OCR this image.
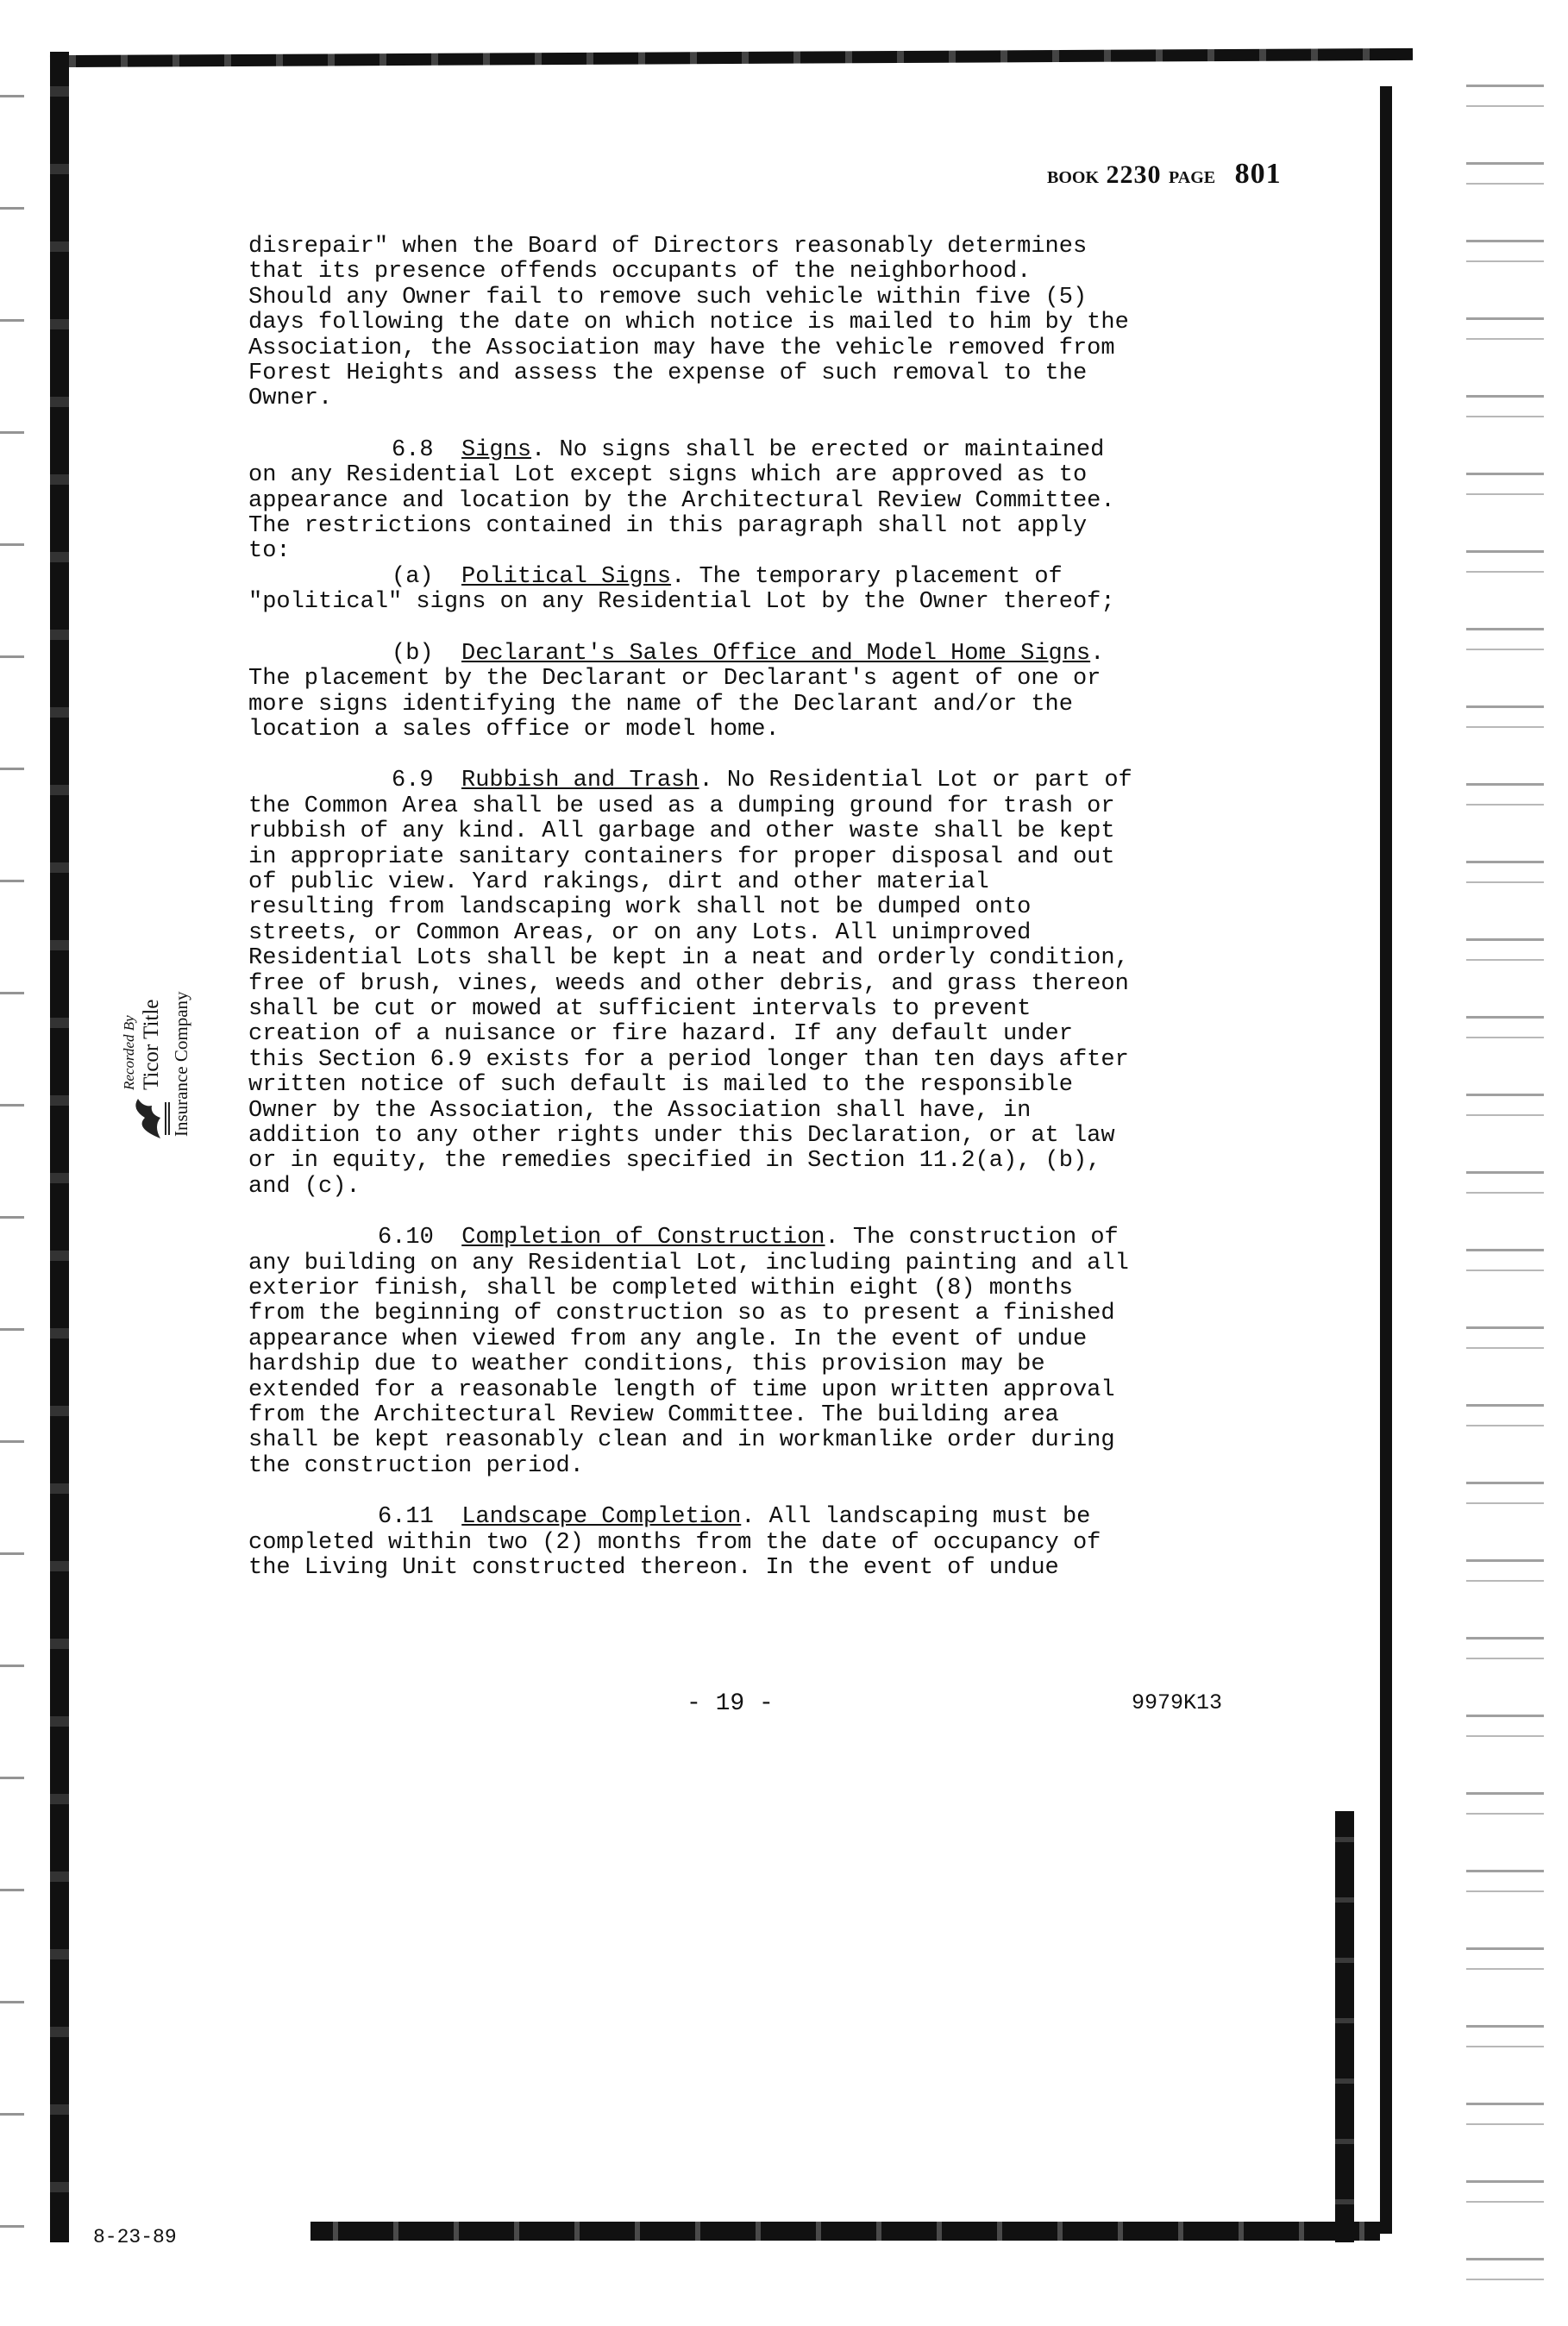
BOOK 2230 PAGE 801

disrepair" when the Board of Directors reasonably determines
that its presence offends occupants of the neighborhood.
Should any Owner fail to remove such vehicle within five (5)
days following the date on which notice is mailed to him by the
Association, the Association may have the vehicle removed from
Forest Heights and assess the expense of such removal to the
Owner.

6.8 Signs. No signs shall be erected or maintained
on any Residential Lot except signs which are approved as to
appearance and location by the Architectural Review Committee.
The restrictions contained in this paragraph shall not apply
to:

(a) Political Signs. The temporary placement of
"political" signs on any Residential Lot by the Owner thereof;

(b) Declarant's Sales Office and Model Home Signs.
The placement by the Declarant or Declarant's agent of one or
more signs identifying the name of the Declarant and/or the
location a sales office or model home.

6.9 Rubbish and Trash. No Residential Lot or part of
the Common Area shall be used as a dumping ground for trash or
rubbish of any kind. All garbage and other waste shall be kept
in appropriate sanitary containers for proper disposal and out
of public view. Yard rakings, dirt and other material
resulting from landscaping work shall not be dumped onto
streets, or Common Areas, or on any Lots. All unimproved
Residential Lots shall be kept in a neat and orderly condition,
free of brush, vines, weeds and other debris, and grass thereon
shall be cut or mowed at sufficient intervals to prevent
creation of a nuisance or fire hazard. If any default under
this Section 6.9 exists for a period longer than ten days after
written notice of such default is mailed to the responsible
Owner by the Association, the Association shall have, in
addition to any other rights under this Declaration, or at law
or in equity, the remedies specified in Section 11.2(a), (b),
and (c).

6.10 Completion of Construction. The construction of
any building on any Residential Lot, including painting and all
exterior finish, shall be completed within eight (8) months
from the beginning of construction so as to present a finished
appearance when viewed from any angle. In the event of undue
hardship due to weather conditions, this provision may be
extended for a reasonable length of time upon written approval
from the Architectural Review Committee. The building area
shall be kept reasonably clean and in workmanlike order during
the construction period.

6.11 Landscape Completion. All landscaping must be
completed within two (2) months from the date of occupancy of
the Living Unit constructed thereon. In the event of undue

Recorded By Ticor Title Insurance Company
- 19 -	9979K13
8-23-89
